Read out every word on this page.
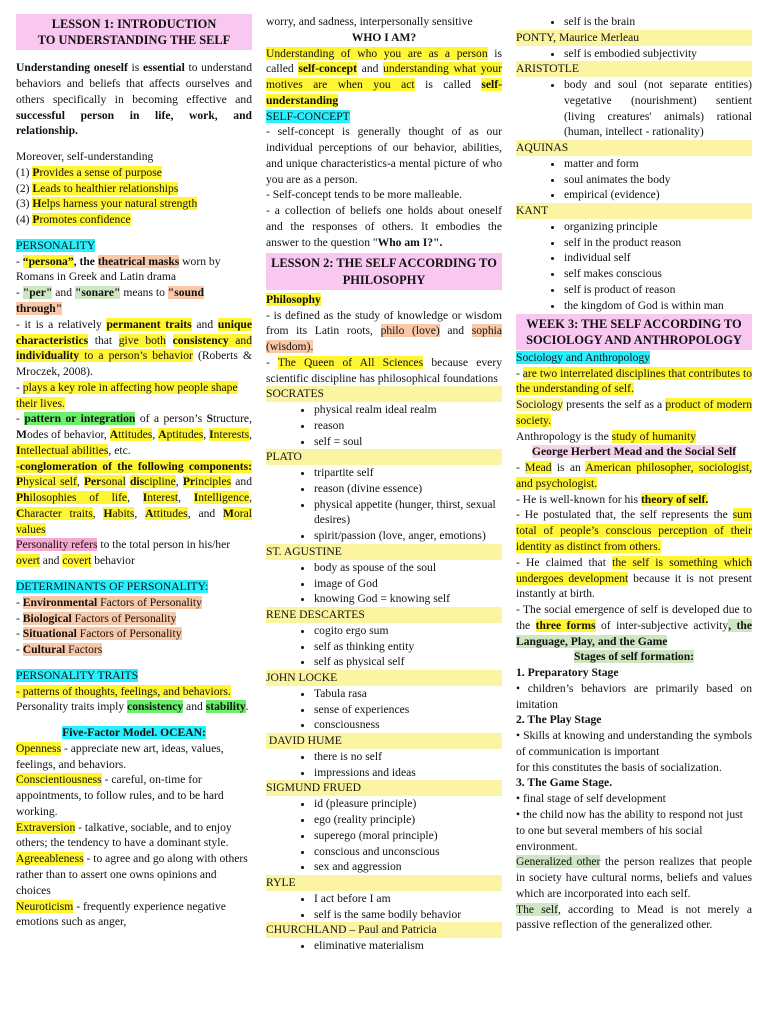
LESSON 1: INTRODUCTION
TO UNDERSTANDING THE SELF

Understanding oneself is essential to understand behaviors and beliefs that affects ourselves and others specifically in becoming effective and successful person in life, work, and relationship.

Moreover, self-understanding

(1) Provides a sense of purpose

(2) Leads to healthier relationships

(3) Helps harness your natural strength

(4) Promotes confidence

PERSONALITY

- “persona”, the theatrical masks worn by Romans in Greek and Latin drama

- "per" and "sonare" means to "sound through"

- it is a relatively permanent traits and unique characteristics that give both consistency and individuality to a person’s behavior (Roberts & Mroczek, 2008).

- plays a key role in affecting how people shape their lives.

- pattern or integration of a person’s Structure, Modes of behavior, Attitudes, Aptitudes, Interests, Intellectual abilities, etc.

-conglomeration of the following components: Physical self, Personal discipline, Principles and Philosophies of life, Interest, Intelligence, Character traits, Habits, Attitudes, and Moral values

Personality refers to the total person in his/her overt and covert behavior

DETERMINANTS OF PERSONALITY:

- Environmental Factors of Personality

- Biological Factors of Personality

- Situational Factors of Personality

- Cultural Factors

PERSONALITY TRAITS

- patterns of thoughts, feelings, and behaviors.

Personality traits imply consistency and stability.

Five-Factor Model. OCEAN:

Openness - appreciate new art, ideas, values, feelings, and behaviors.

Conscientiousness - careful, on-time for appointments, to follow rules, and to be hard working.

Extraversion - talkative, sociable, and to enjoy others; the tendency to have a dominant style.

Agreeableness - to agree and go along with others rather than to assert one owns opinions and choices

Neuroticism - frequently experience negative emotions such as anger,

worry, and sadness, interpersonally sensitive

WHO I AM?

Understanding of who you are as a person is called self-concept and understanding what your motives are when you act is called self-understanding

SELF-CONCEPT

- self-concept is generally thought of as our individual perceptions of our behavior, abilities, and unique characteristics-a mental picture of who you are as a person.

- Self-concept tends to be more malleable.

- a collection of beliefs one holds about oneself and the responses of others. It embodies the answer to the question "Who am I?".

LESSON 2: THE SELF ACCORDING TO
PHILOSOPHY

Philosophy

- is defined as the study of knowledge or wisdom from its Latin roots, philo (love) and sophia (wisdom).

- The Queen of All Sciences because every scientific discipline has philosophical foundations

SOCRATES
• physical realm ideal realm
• reason
• self = soul
PLATO
• tripartite self
• reason (divine essence)
• physical appetite (hunger, thirst, sexual desires)
• spirit/passion (love, anger, emotions)
ST. AGUSTINE
• body as spouse of the soul
• image of God
• knowing God = knowing self
RENE DESCARTES
• cogito ergo sum
• self as thinking entity
• self as physical self
JOHN LOCKE
• Tabula rasa
• sense of experiences
• consciousness
DAVID HUME
• there is no self
• impressions and ideas
SIGMUND FRUED
• id (pleasure principle)
• ego (reality principle)
• superego (moral principle)
• conscious and unconscious
• sex and aggression
RYLE
• I act before I am
• self is the same bodily behavior
CHURCHLAND – Paul and Patricia
• eliminative materialism
• self is the brain
PONTY, Maurice Merleau
• self is embodied subjectivity
ARISTOTLE
• body and soul (not separate entities) vegetative (nourishment) sentient (living creatures' animals) rational (human, intellect - rationality)
AQUINAS
• matter and form
• soul animates the body
• empirical (evidence)
KANT
• organizing principle
• self in the product reason
• individual self
• self makes conscious
• self is product of reason
• the kingdom of God is within man
WEEK 3: THE SELF ACCORDING TO
SOCIOLOGY AND ANTHROPOLOGY

Sociology and Anthropology

- are two interrelated disciplines that contributes to the understanding of self.

Sociology presents the self as a product of modern society.

Anthropology is the study of humanity

George Herbert Mead and the Social Self

- Mead is an American philosopher, sociologist, and psychologist.

- He is well-known for his theory of self.

- He postulated that, the self represents the sum total of people’s conscious perception of their identity as distinct from others.

- He claimed that the self is something which undergoes development because it is not present instantly at birth.

- The social emergence of self is developed due to the three forms of inter-subjective activity, the Language, Play, and the Game

Stages of self formation:

1. Preparatory Stage

• children’s behaviors are primarily based on imitation

2. The Play Stage

• Skills at knowing and understanding the symbols of communication is important

for this constitutes the basis of socialization.

3. The Game Stage.

• final stage of self development

• the child now has the ability to respond not just to one but several members of his social environment.

Generalized other the person realizes that people in society have cultural norms, beliefs and values which are incorporated into each self.

The self, according to Mead is not merely a passive reflection of the generalized other.
